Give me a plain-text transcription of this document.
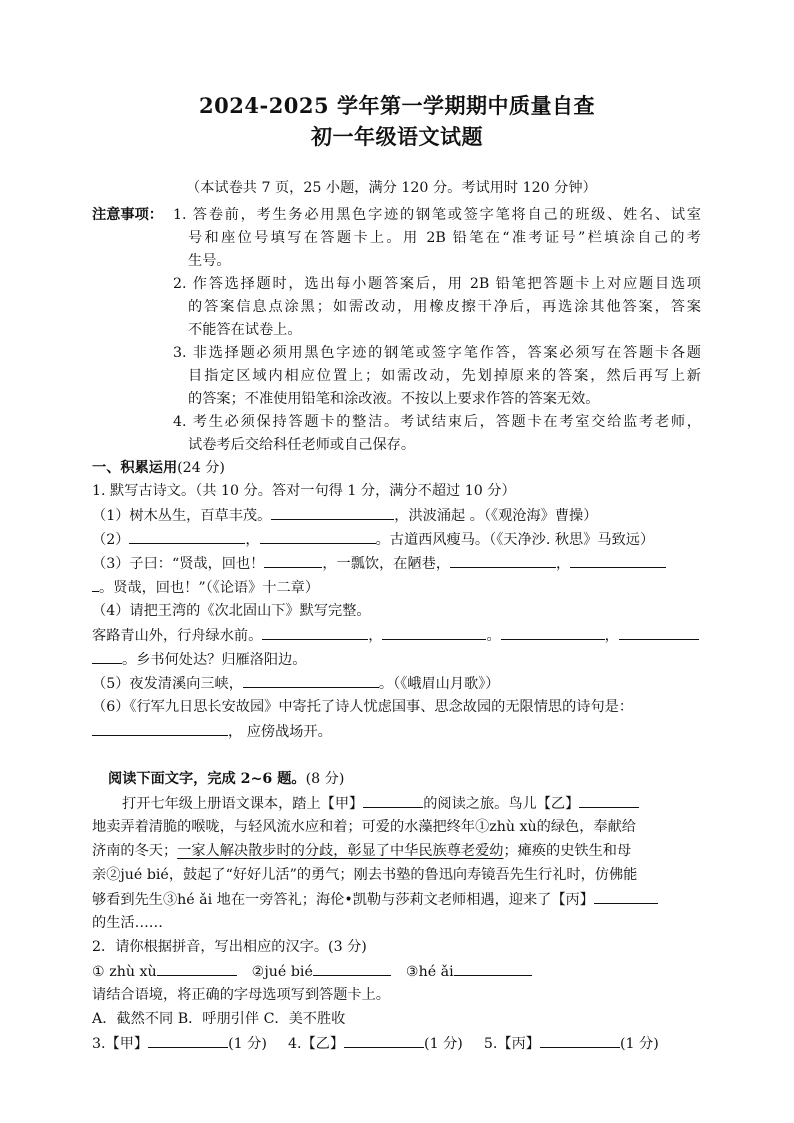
2024-2025 学年第一学期期中质量自查
初一年级语文试题
（本试卷共 7 页，25 小题，满分 120 分。考试用时 120 分钟）
注意事项： 1. 答卷前，考生务必用黑色字迹的钢笔或签字笔将自己的班级、姓名、试室
号和座位号填写在答题卡上。用 2B 铅笔在“准考证号”栏填涂自己的考
生号。
2. 作答选择题时，选出每小题答案后，用 2B 铅笔把答题卡上对应题目选项
的答案信息点涂黑；如需改动，用橡皮擦干净后，再选涂其他答案，答案
不能答在试卷上。
3. 非选择题必须用黑色字迹的钢笔或签字笔作答，答案必须写在答题卡各题
目指定区域内相应位置上；如需改动，先划掉原来的答案，然后再写上新
的答案；不准使用铅笔和涂改液。不按以上要求作答的答案无效。
4. 考生必须保持答题卡的整洁。考试结束后，答题卡在考室交给监考老师，
试卷考后交给科任老师或自己保存。
一、积累运用(24 分)
1. 默写古诗文。（共 10 分。答对一句得 1 分，满分不超过 10 分）
（1）树木丛生，百草丰茂。	，洪波涌起 。（《观沧海》曹操）
（2）	，	。古道西风瘦马。（《天净沙. 秋思》马致远）
（3）子曰：“贤哉，回也！	，一瓢饮，在陋巷，	，
。贤哉，回也！”（《论语》十二章）
（4）请把王湾的《次北固山下》默写完整。
客路青山外，行舟绿水前。	，	。	，
。乡书何处达？归雁洛阳边。
（5）夜发清溪向三峡，	。（《峨眉山月歌》）
（6）《行军九日思长安故园》中寄托了诗人忧虑国事、思念故园的无限情思的诗句是：
， 应傍战场开。
阅读下面文字，完成 2~6 题。(8 分)
打开七年级上册语文课本，踏上【甲】	的阅读之旅。鸟儿【乙】
地卖弄着清脆的喉咙，与轻风流水应和着；可爱的水藻把终年①zhù xù的绿色，奉献给
济南的冬天；一家人解决散步时的分歧，彰显了中华民族尊老爱幼；瘫痪的史铁生和母
亲②jué bié，鼓起了“好好儿活”的勇气；刚去书塾的鲁迅向寿镜吾先生行礼时，仿佛能
够看到先生③hé ǎi 地在一旁答礼；海伦•凯勒与莎莉文老师相遇，迎来了【丙】
的生活……
2．请你根据拼音，写出相应的汉字。(3 分)
① zhù xù	②jué bié	③hé ǎi
请结合语境，将正确的字母选项写到答题卡上。
A．截然不同 B．呼朋引伴 C．美不胜收
3.【甲】	(1 分) 4.【乙】	(1 分) 5.【丙】	(1 分)
